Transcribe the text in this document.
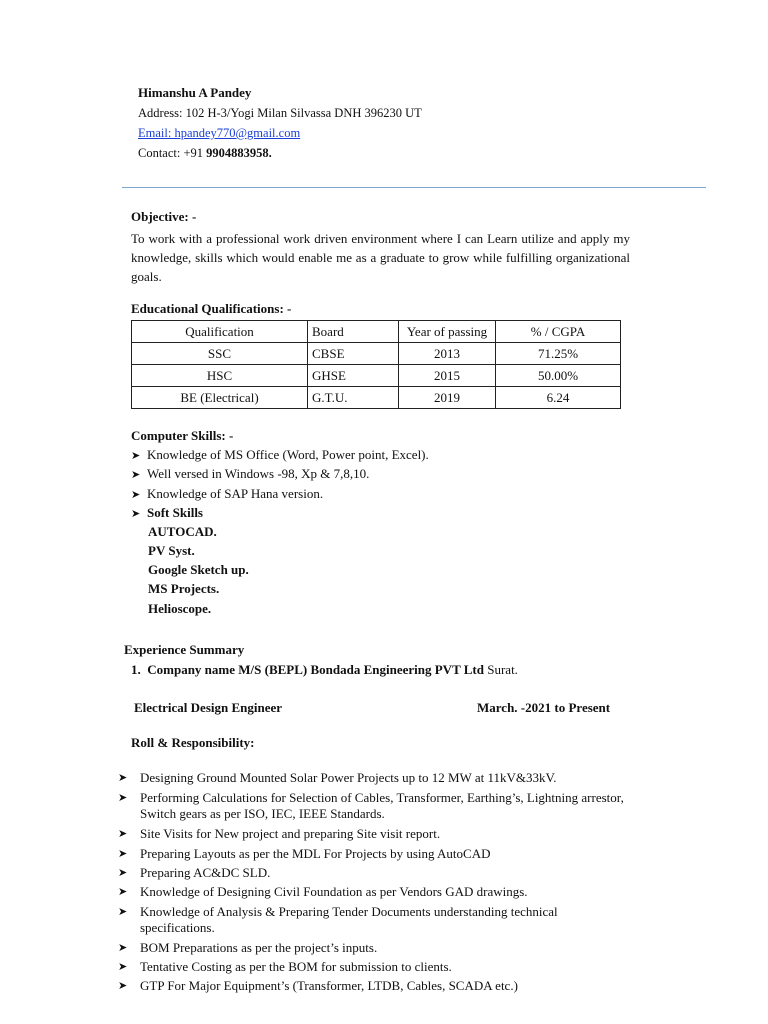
Himanshu A Pandey
Address: 102 H-3/Yogi Milan Silvassa DNH 396230 UT
Email: hpandey770@gmail.com
Contact: +91 9904883958.
Objective: -
To work with a professional work driven environment where I can Learn utilize and apply my knowledge, skills which would enable me as a graduate to grow while fulfilling organizational goals.
Educational Qualifications: -
Qualification	Board	Year of passing	% / CGPA
SSC	CBSE	2013	71.25%
HSC	GHSE	2015	50.00%
BE (Electrical)	G.T.U.	2019	6.24
Computer Skills: -
➤ Knowledge of MS Office (Word, Power point, Excel).
➤ Well versed in Windows -98, Xp & 7,8,10.
➤ Knowledge of SAP Hana version.
➤ Soft Skills
AUTOCAD.
PV Syst.
Google Sketch up.
MS Projects.
Helioscope.
Experience Summary
1. Company name M/S (BEPL) Bondada Engineering PVT Ltd Surat.
Electrical Design Engineer	March. -2021 to Present
Roll & Responsibility:
➤ Designing Ground Mounted Solar Power Projects up to 12 MW at 11kV&33kV.
➤ Performing Calculations for Selection of Cables, Transformer, Earthing’s, Lightning arrestor, Switch gears as per ISO, IEC, IEEE Standards.
➤ Site Visits for New project and preparing Site visit report.
➤ Preparing Layouts as per the MDL For Projects by using AutoCAD
➤ Preparing AC&DC SLD.
➤ Knowledge of Designing Civil Foundation as per Vendors GAD drawings.
➤ Knowledge of Analysis & Preparing Tender Documents understanding technical specifications.
➤ BOM Preparations as per the project’s inputs.
➤ Tentative Costing as per the BOM for submission to clients.
➤ GTP For Major Equipment’s (Transformer, LTDB, Cables, SCADA etc.)
